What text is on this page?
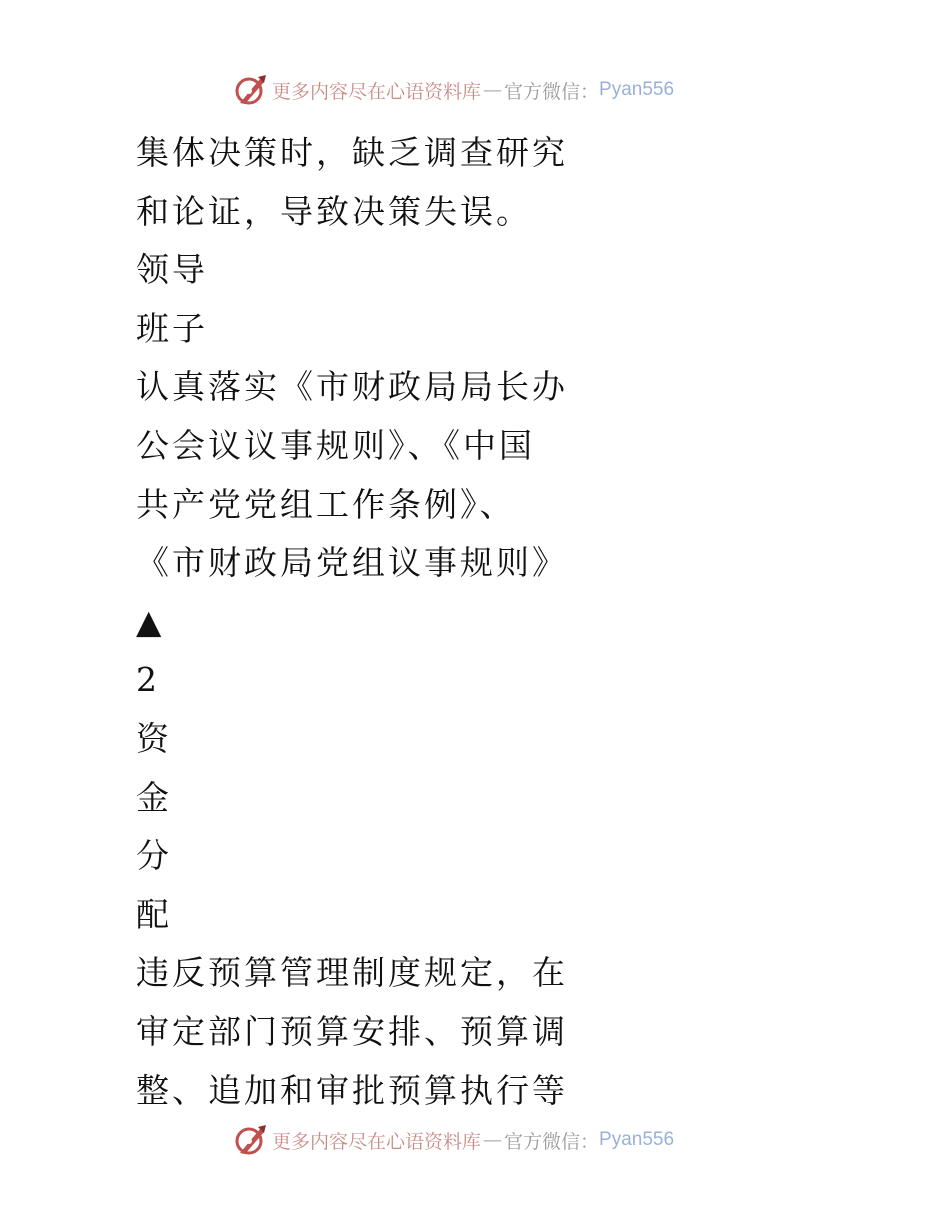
更多内容尽在心语资料库 — 官方微信： Pyan556
集体决策时，缺乏调查研究
和论证，导致决策失误。
领导
班子
认真落实《市财政局局长办
公会议议事规则》、《中国
共产党党组工作条例》、
《市财政局党组议事规则》
▲
2
资
金
分
配
违反预算管理制度规定，在
审定部门预算安排、预算调
整、追加和审批预算执行等
更多内容尽在心语资料库 — 官方微信： Pyan556
